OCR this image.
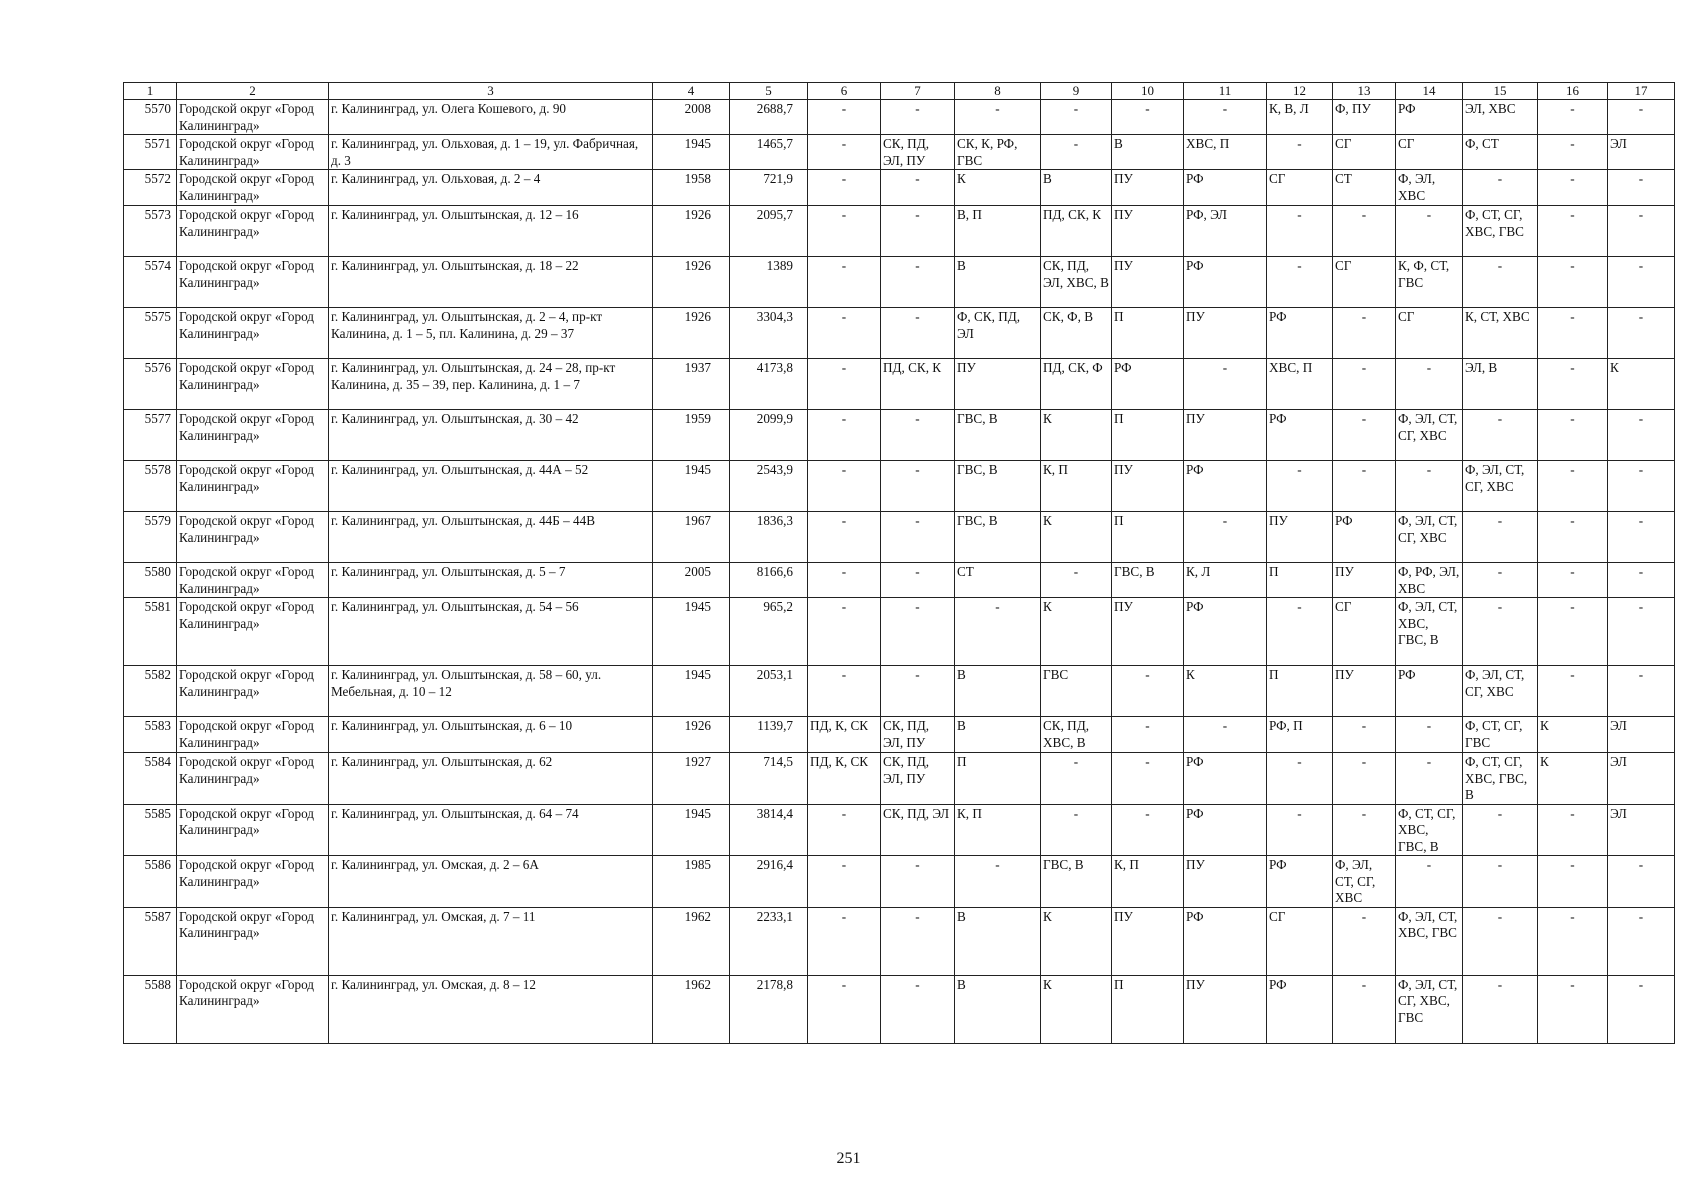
1	2	3	4	5	6	7	8	9	10	11	12	13	14	15	16	17
5570	Городской округ «Город Калининград»	г. Калининград, ул. Олега Кошевого, д. 90	2008	2688,7	-	-	-	-	-	-	К, В, Л	Ф, ПУ	РФ	ЭЛ, ХВС	-	-
5571	Городской округ «Город Калининград»	г. Калининград, ул. Ольховая, д. 1 – 19, ул. Фабричная, д. 3	1945	1465,7	-	СК, ПД, ЭЛ, ПУ	СК, К, РФ, ГВС	-	В	ХВС, П	-	СГ	СГ	Ф, СТ	-	ЭЛ
5572	Городской округ «Город Калининград»	г. Калининград, ул. Ольховая, д. 2 – 4	1958	721,9	-	-	К	В	ПУ	РФ	СГ	СТ	Ф, ЭЛ, ХВС	-	-	-
5573	Городской округ «Город Калининград»	г. Калининград, ул. Ольштынская, д. 12 – 16	1926	2095,7	-	-	В, П	ПД, СК, К	ПУ	РФ, ЭЛ	-	-	-	Ф, СТ, СГ, ХВС, ГВС	-	-
5574	Городской округ «Город Калининград»	г. Калининград, ул. Ольштынская, д. 18 – 22	1926	1389	-	-	В	СК, ПД, ЭЛ, ХВС, В	ПУ	РФ	-	СГ	К, Ф, СТ, ГВС	-	-	-
5575	Городской округ «Город Калининград»	г. Калининград, ул. Ольштынская, д. 2 – 4, пр-кт Калинина, д. 1 – 5, пл. Калинина, д. 29 – 37	1926	3304,3	-	-	Ф, СК, ПД, ЭЛ	СК, Ф, В	П	ПУ	РФ	-	СГ	К, СТ, ХВС	-	-
5576	Городской округ «Город Калининград»	г. Калининград, ул. Ольштынская, д. 24 – 28, пр-кт Калинина, д. 35 – 39, пер. Калинина, д. 1 – 7	1937	4173,8	-	ПД, СК, К	ПУ	ПД, СК, Ф	РФ	-	ХВС, П	-	-	ЭЛ, В	-	К
5577	Городской округ «Город Калининград»	г. Калининград, ул. Ольштынская, д. 30 – 42	1959	2099,9	-	-	ГВС, В	К	П	ПУ	РФ	-	Ф, ЭЛ, СТ, СГ, ХВС	-	-	-
5578	Городской округ «Город Калининград»	г. Калининград, ул. Ольштынская, д. 44А – 52	1945	2543,9	-	-	ГВС, В	К, П	ПУ	РФ	-	-	-	Ф, ЭЛ, СТ, СГ, ХВС	-	-
5579	Городской округ «Город Калининград»	г. Калининград, ул. Ольштынская, д. 44Б – 44В	1967	1836,3	-	-	ГВС, В	К	П	-	ПУ	РФ	Ф, ЭЛ, СТ, СГ, ХВС	-	-	-
5580	Городской округ «Город Калининград»	г. Калининград, ул. Ольштынская, д. 5 – 7	2005	8166,6	-	-	СТ	-	ГВС, В	К, Л	П	ПУ	Ф, РФ, ЭЛ, ХВС	-	-	-
5581	Городской округ «Город Калининград»	г. Калининград, ул. Ольштынская, д. 54 – 56	1945	965,2	-	-	-	К	ПУ	РФ	-	СГ	Ф, ЭЛ, СТ, ХВС, ГВС, В	-	-	-
5582	Городской округ «Город Калининград»	г. Калининград, ул. Ольштынская, д. 58 – 60, ул. Мебельная, д. 10 – 12	1945	2053,1	-	-	В	ГВС	-	К	П	ПУ	РФ	Ф, ЭЛ, СТ, СГ, ХВС	-	-
5583	Городской округ «Город Калининград»	г. Калининград, ул. Ольштынская, д. 6 – 10	1926	1139,7	ПД, К, СК	СК, ПД, ЭЛ, ПУ	В	СК, ПД, ХВС, В	-	-	РФ, П	-	-	Ф, СТ, СГ, ГВС	К	ЭЛ
5584	Городской округ «Город Калининград»	г. Калининград, ул. Ольштынская, д. 62	1927	714,5	ПД, К, СК	СК, ПД, ЭЛ, ПУ	П	-	-	РФ	-	-	-	Ф, СТ, СГ, ХВС, ГВС, В	К	ЭЛ
5585	Городской округ «Город Калининград»	г. Калининград, ул. Ольштынская, д. 64 – 74	1945	3814,4	-	СК, ПД, ЭЛ	К, П	-	-	РФ	-	-	Ф, СТ, СГ, ХВС, ГВС, В	-	-	ЭЛ
5586	Городской округ «Город Калининград»	г. Калининград, ул. Омская, д. 2 – 6А	1985	2916,4	-	-	-	ГВС, В	К, П	ПУ	РФ	Ф, ЭЛ, СТ, СГ, ХВС	-	-	-	-
5587	Городской округ «Город Калининград»	г. Калининград, ул. Омская, д. 7 – 11	1962	2233,1	-	-	В	К	ПУ	РФ	СГ	-	Ф, ЭЛ, СТ, ХВС, ГВС	-	-	-
5588	Городской округ «Город Калининград»	г. Калининград, ул. Омская, д. 8 – 12	1962	2178,8	-	-	В	К	П	ПУ	РФ	-	Ф, ЭЛ, СТ, СГ, ХВС, ГВС	-	-	-
251
